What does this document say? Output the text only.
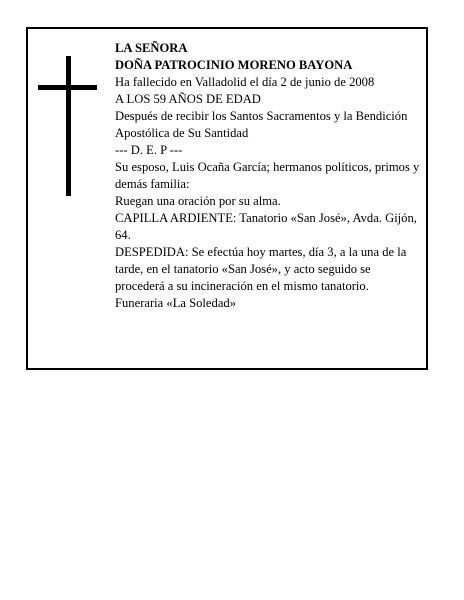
LA SEÑORA
DOÑA PATROCINIO MORENO BAYONA
Ha fallecido en Valladolid el día 2 de junio de 2008
A LOS 59 AÑOS DE EDAD
Después de recibir los Santos Sacramentos y la Bendición Apostólica de Su Santidad
--- D. E. P ---
Su esposo, Luis Ocaña García; hermanos políticos, primos y demás familia:
Ruegan una oración por su alma.
CAPILLA ARDIENTE: Tanatorio «San José», Avda. Gijón, 64.
DESPEDIDA: Se efectúa hoy martes, día 3, a la una de la tarde, en el tanatorio «San José», y acto seguido se procederá a su incineración en el mismo tanatorio.
Funeraria «La Soledad»
